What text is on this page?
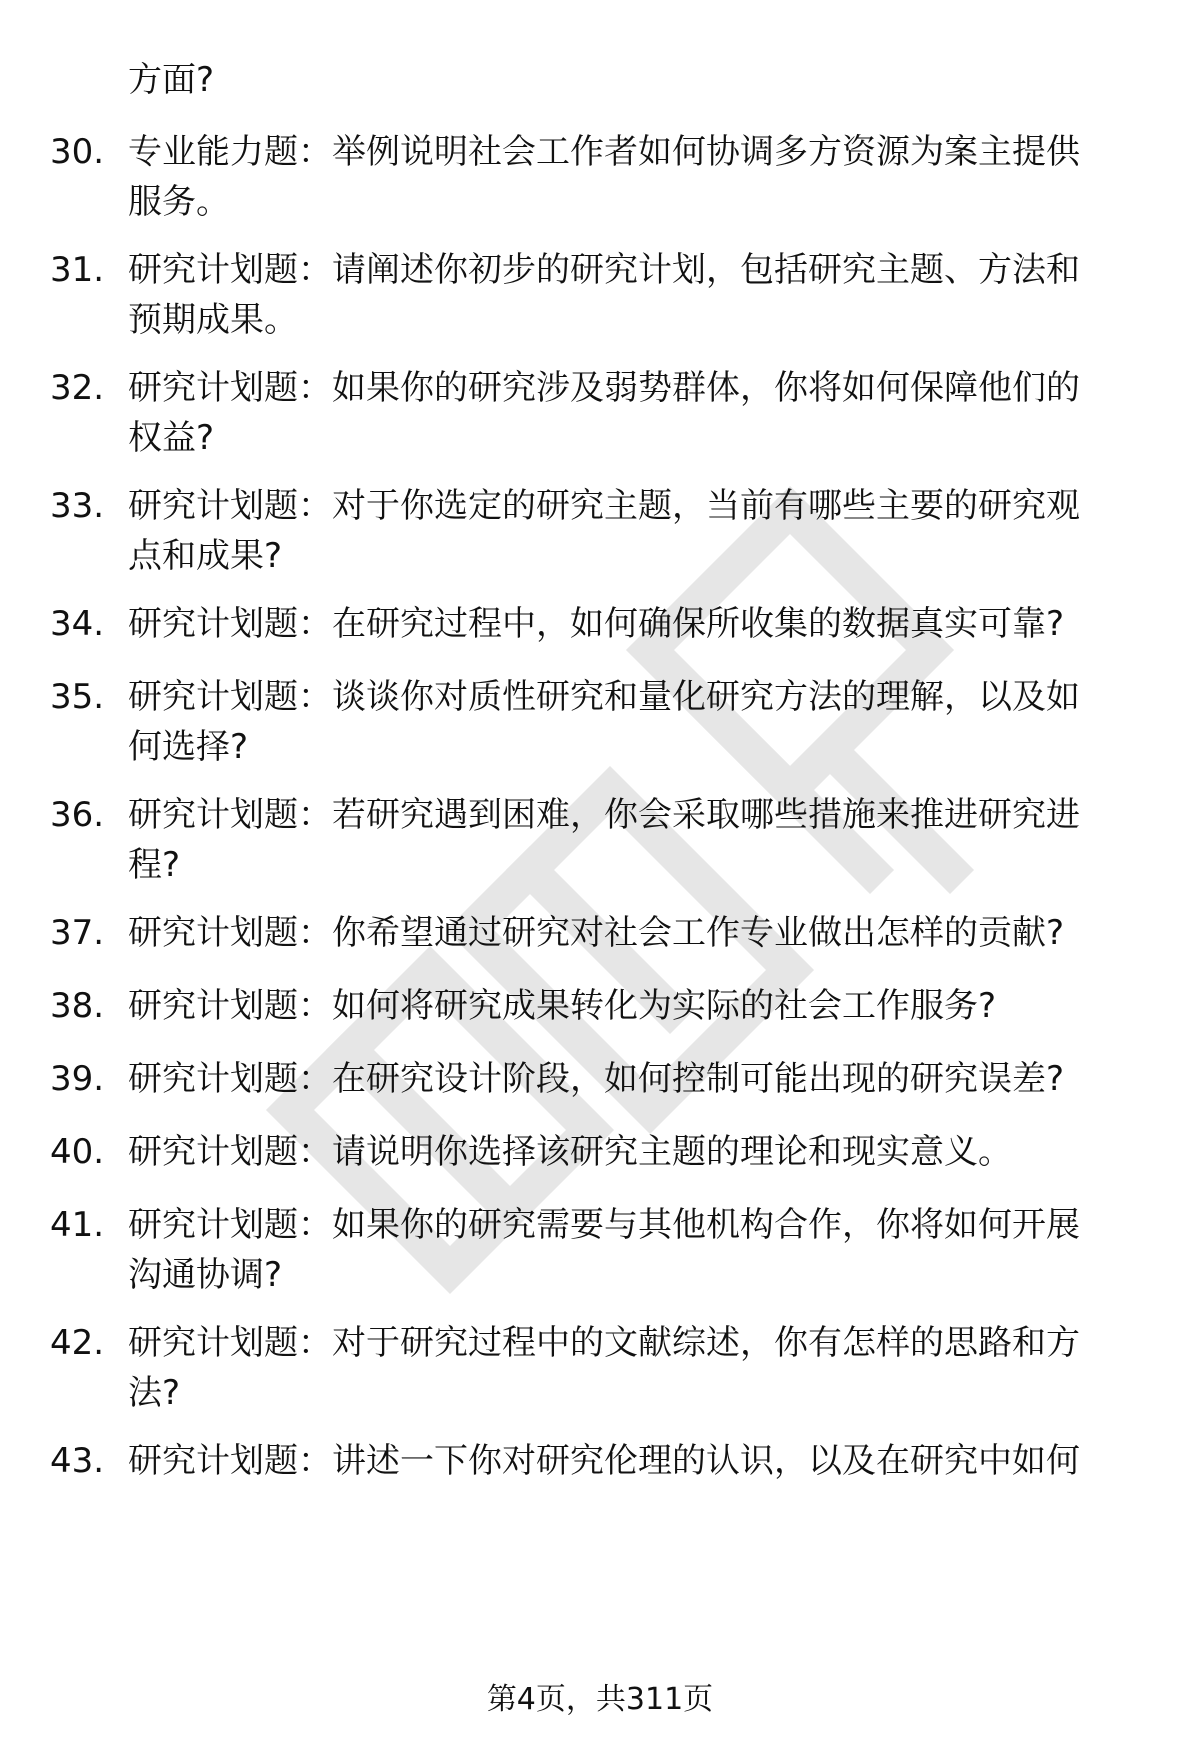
方面?
30. 专业能力题：举例说明社会工作者如何协调多方资源为案主提供
服务。
31. 研究计划题：请阐述你初步的研究计划，包括研究主题、方法和
预期成果。
32. 研究计划题：如果你的研究涉及弱势群体，你将如何保障他们的
权益?
33. 研究计划题：对于你选定的研究主题，当前有哪些主要的研究观
点和成果?
34. 研究计划题：在研究过程中，如何确保所收集的数据真实可靠?
35. 研究计划题：谈谈你对质性研究和量化研究方法的理解，以及如
何选择?
36. 研究计划题：若研究遇到困难，你会采取哪些措施来推进研究进
程?
37. 研究计划题：你希望通过研究对社会工作专业做出怎样的贡献?
38. 研究计划题：如何将研究成果转化为实际的社会工作服务?
39. 研究计划题：在研究设计阶段，如何控制可能出现的研究误差?
40. 研究计划题：请说明你选择该研究主题的理论和现实意义。
41. 研究计划题：如果你的研究需要与其他机构合作，你将如何开展
沟通协调?
42. 研究计划题：对于研究过程中的文献综述，你有怎样的思路和方
法?
43. 研究计划题：讲述一下你对研究伦理的认识，以及在研究中如何
第4页，共311页
